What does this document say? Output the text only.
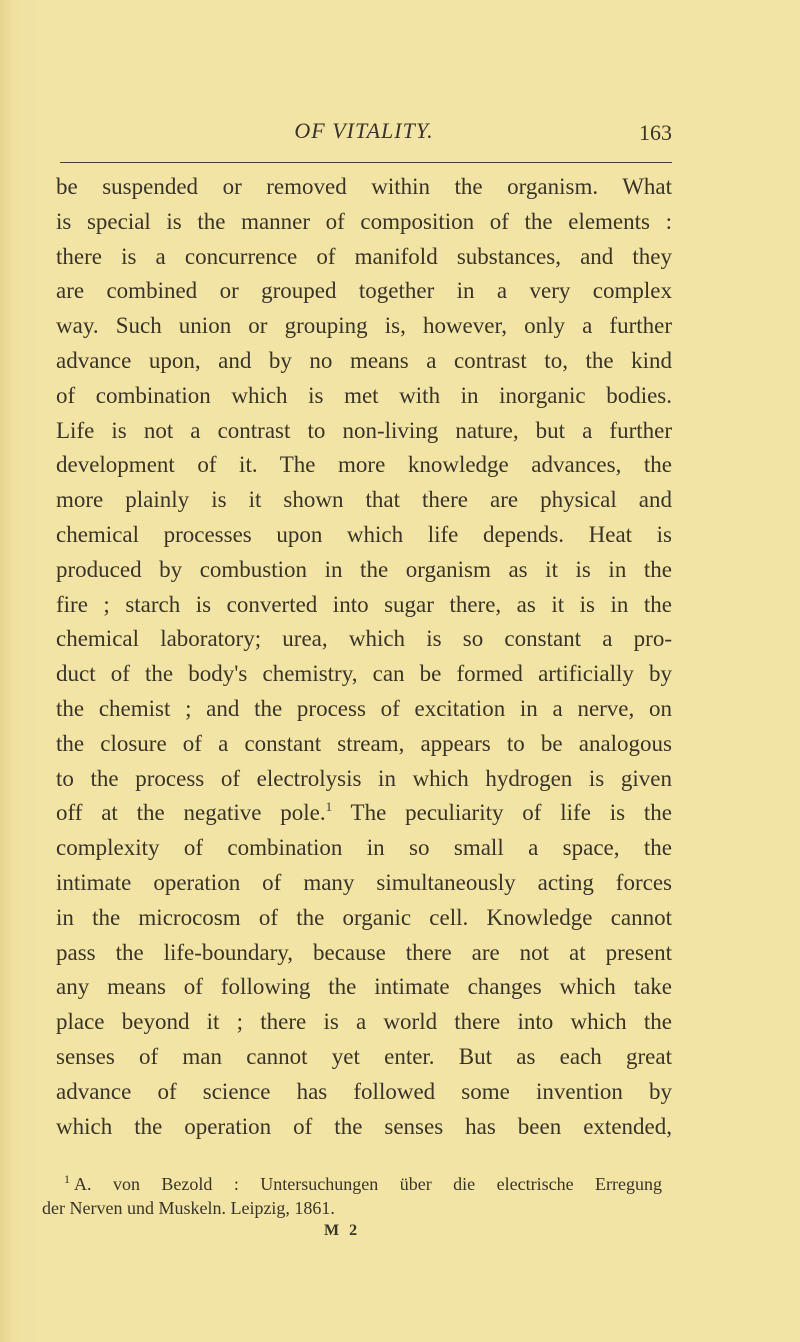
OF VITALITY.	163
be suspended or removed within the organism. What
is special is the manner of composition of the elements :
there is a concurrence of manifold substances, and they
are combined or grouped together in a very complex
way. Such union or grouping is, however, only a further
advance upon, and by no means a contrast to, the kind
of combination which is met with in inorganic bodies.
Life is not a contrast to non-living nature, but a further
development of it. The more knowledge advances, the
more plainly is it shown that there are physical and
chemical processes upon which life depends. Heat is
produced by combustion in the organism as it is in the
fire ; starch is converted into sugar there, as it is in the
chemical laboratory; urea, which is so constant a pro-
duct of the body's chemistry, can be formed artificially by
the chemist ; and the process of excitation in a nerve, on
the closure of a constant stream, appears to be analogous
to the process of electrolysis in which hydrogen is given
off at the negative pole.$^1$ The peculiarity of life is the
complexity of combination in so small a space, the
intimate operation of many simultaneously acting forces
in the microcosm of the organic cell. Knowledge cannot
pass the life-boundary, because there are not at present
any means of following the intimate changes which take
place beyond it ; there is a world there into which the
senses of man cannot yet enter. But as each great
advance of science has followed some invention by
which the operation of the senses has been extended,
$^1$ A. von Bezold : Untersuchungen über die electrische Erregung
der Nerven und Muskeln. Leipzig, 1861.
M 2
